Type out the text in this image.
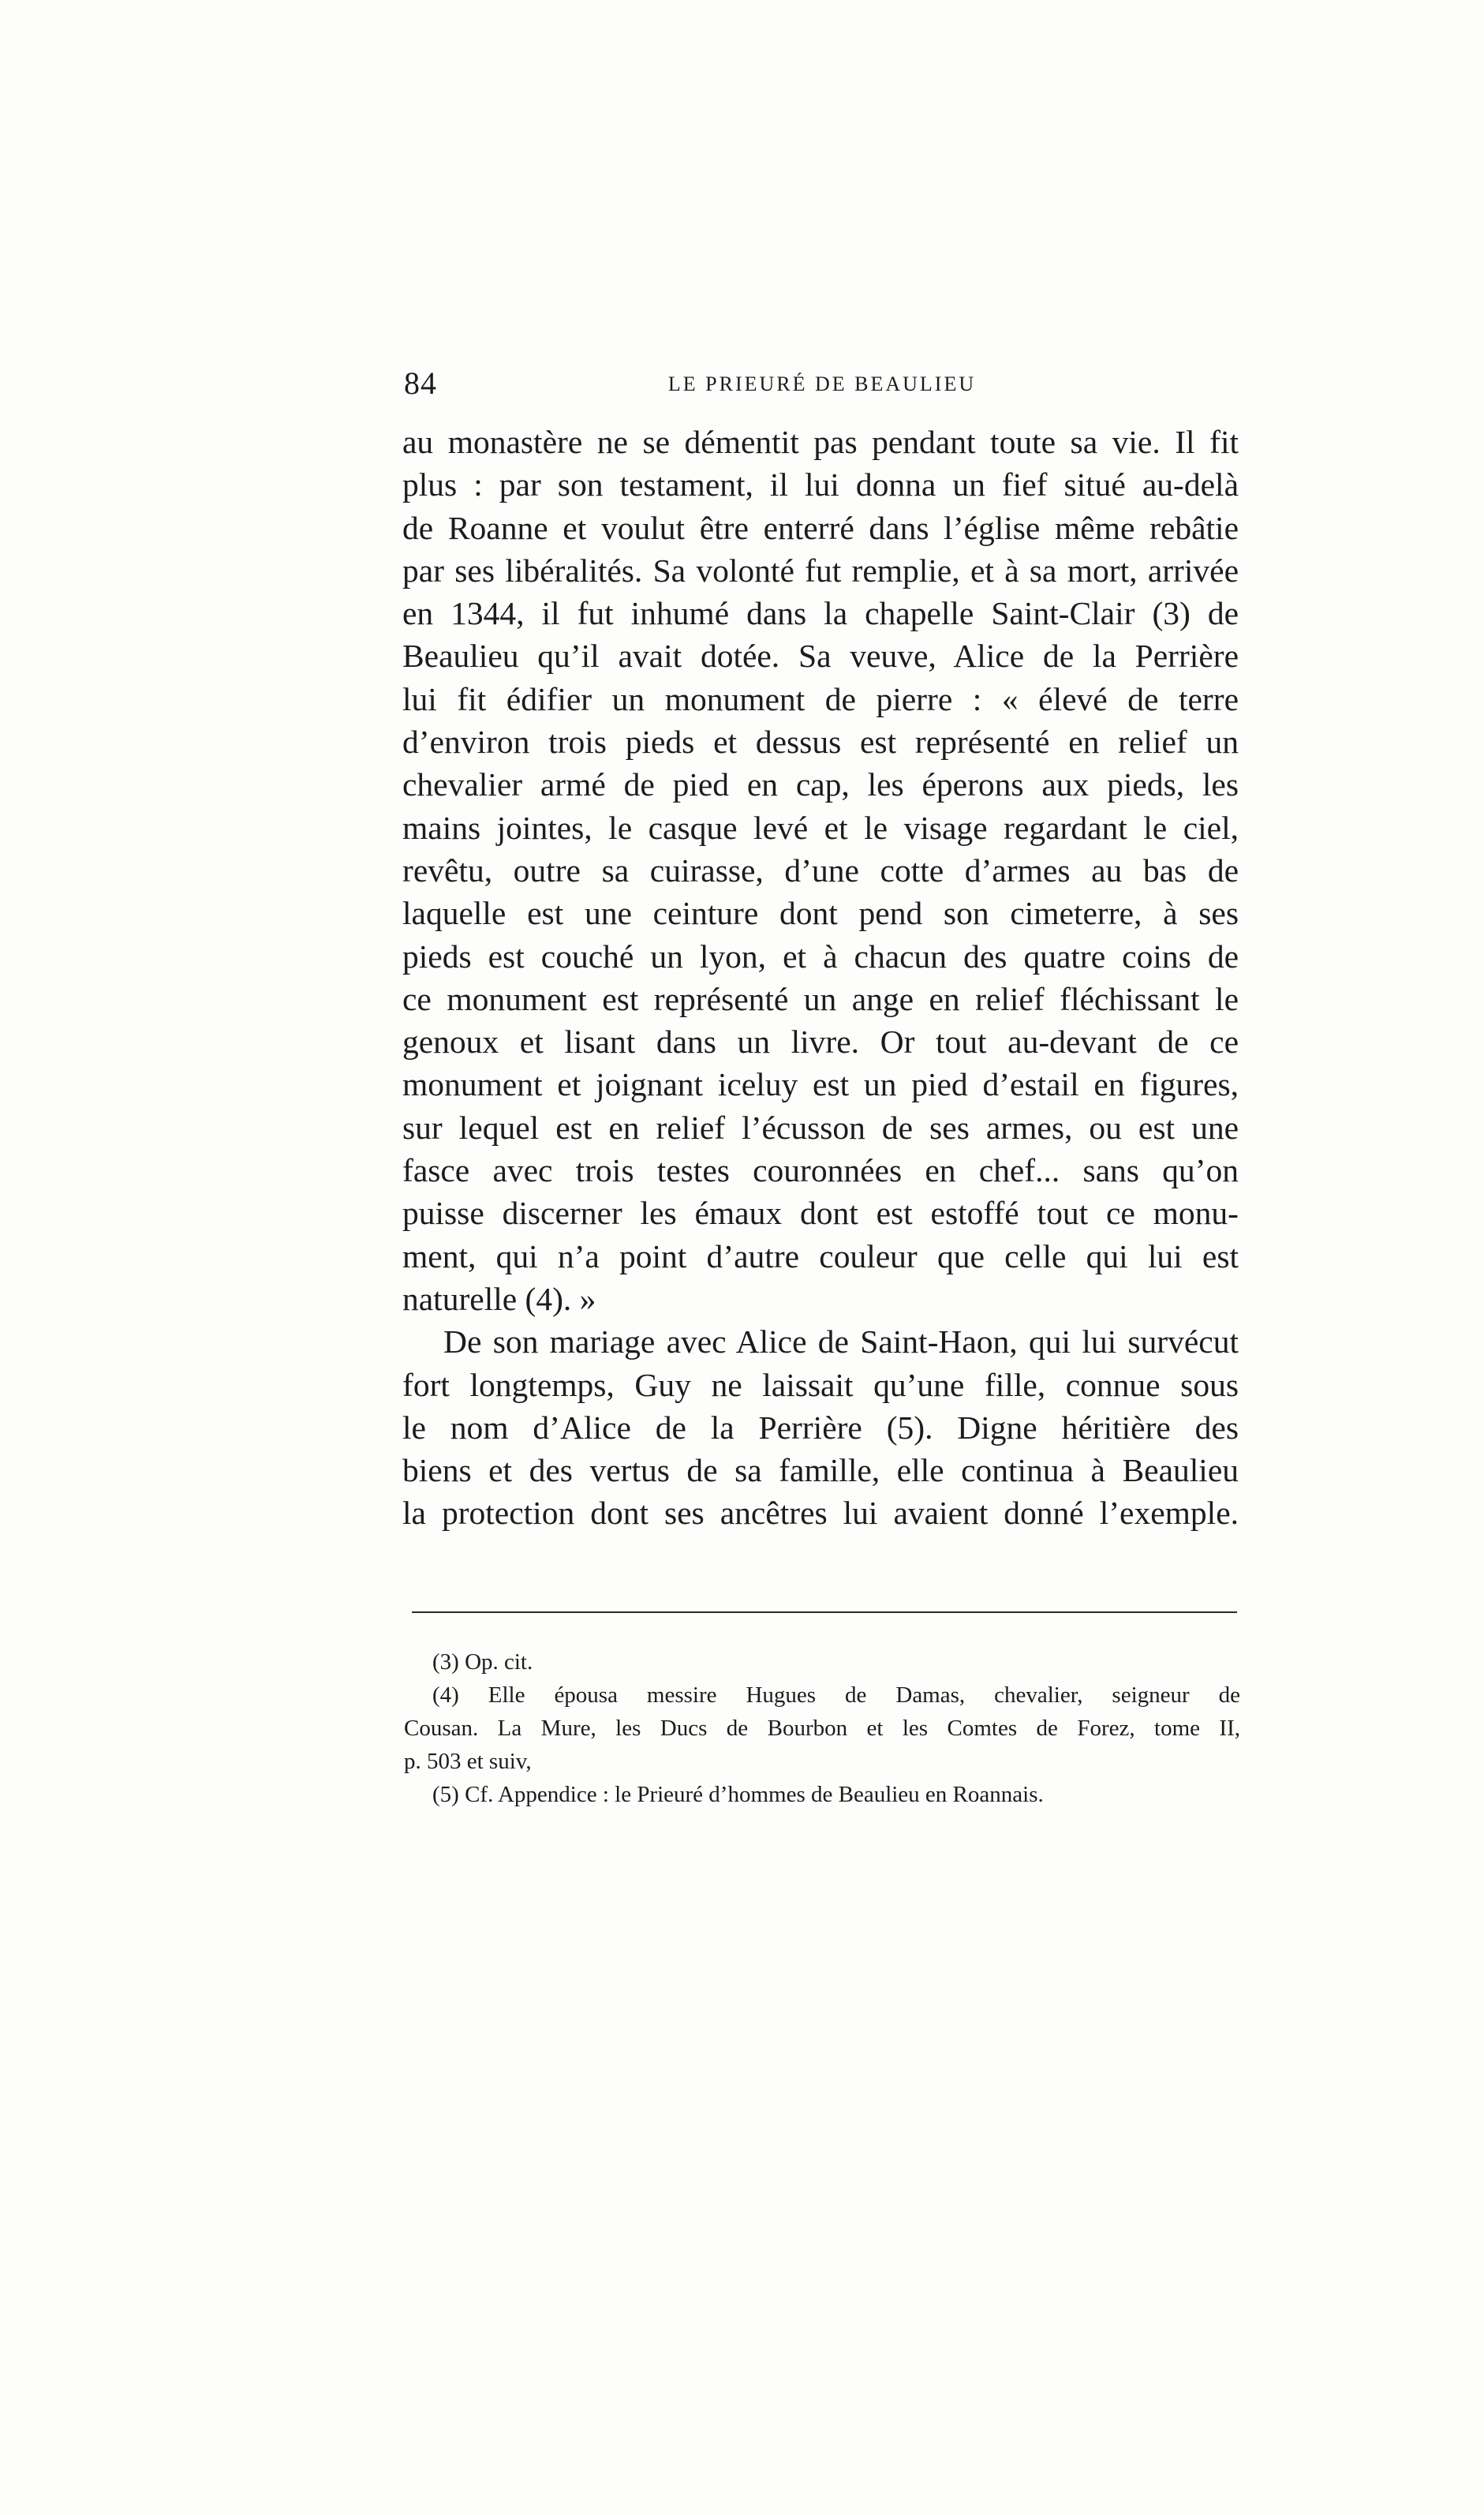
84	LE PRIEURÉ DE BEAULIEU
au monastère ne se démentit pas pendant toute sa vie. Il fit
plus : par son testament, il lui donna un fief situé au-delà
de Roanne et voulut être enterré dans l’église même rebâtie
par ses libéralités. Sa volonté fut remplie, et à sa mort, arrivée
en 1344, il fut inhumé dans la chapelle Saint-Clair (3) de
Beaulieu qu’il avait dotée. Sa veuve, Alice de la Perrière
lui fit édifier un monument de pierre : « élevé de terre
d’environ trois pieds et dessus est représenté en relief un
chevalier armé de pied en cap, les éperons aux pieds, les
mains jointes, le casque levé et le visage regardant le ciel,
revêtu, outre sa cuirasse, d’une cotte d’armes au bas de
laquelle est une ceinture dont pend son cimeterre, à ses
pieds est couché un lyon, et à chacun des quatre coins de
ce monument est représenté un ange en relief fléchissant le
genoux et lisant dans un livre. Or tout au-devant de ce
monument et joignant iceluy est un pied d’estail en figures,
sur lequel est en relief l’écusson de ses armes, ou est une
fasce avec trois testes couronnées en chef... sans qu’on
puisse discerner les émaux dont est estoffé tout ce monu-
ment, qui n’a point d’autre couleur que celle qui lui est
naturelle (4). »
De son mariage avec Alice de Saint-Haon, qui lui survécut
fort longtemps, Guy ne laissait qu’une fille, connue sous
le nom d’Alice de la Perrière (5). Digne héritière des
biens et des vertus de sa famille, elle continua à Beaulieu
la protection dont ses ancêtres lui avaient donné l’exemple.
(3) Op. cit.
(4) Elle épousa messire Hugues de Damas, chevalier, seigneur de
Cousan. La Mure, les Ducs de Bourbon et les Comtes de Forez, tome II,
p. 503 et suiv,
(5) Cf. Appendice : le Prieuré d’hommes de Beaulieu en Roannais.
